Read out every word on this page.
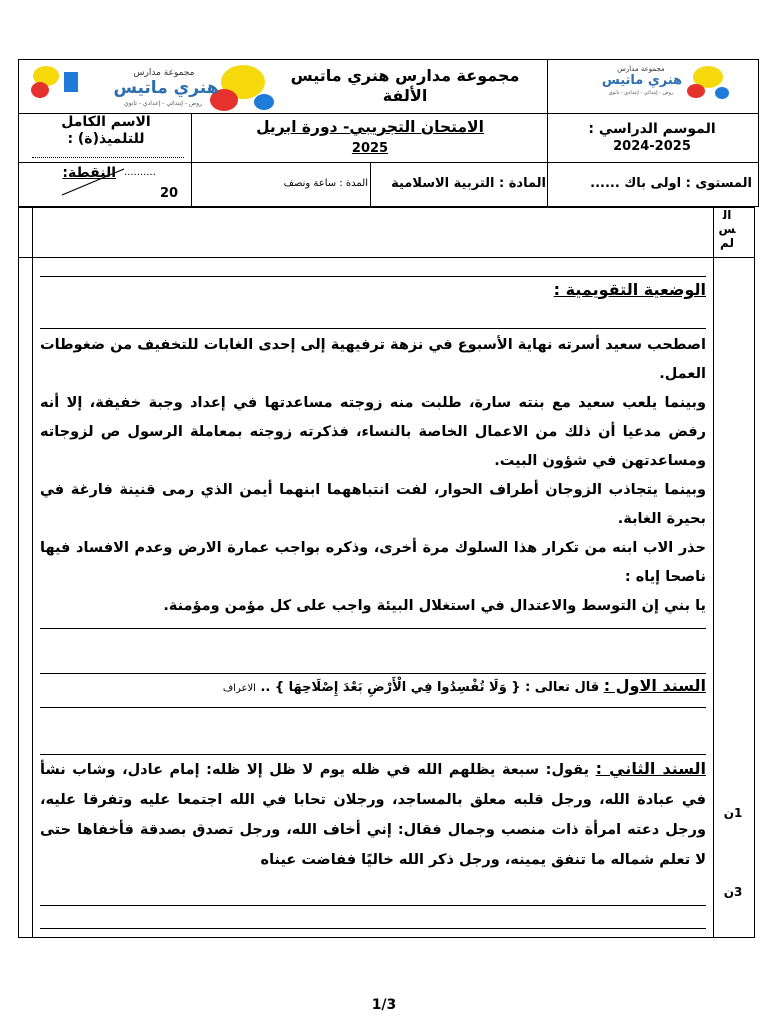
مجموعة مدارس
هنري ماتيس
روض - إبتدائي - إعدادي - ثانوي
مجموعة مدارس هنري ماتيس الألفة
مجموعة مدارس
هنري ماتيس
روض - إبتدائي - إعدادي - ثانوي
الاسم الكامل للتلميذ(ة) :
الامتحان التجريبي- دورة ابريل
2025
الموسم الدراسي :
2024-2025
النقطة: ..........
20
المدة : ساعة ونصف	المادة : التربية الاسلامية	المستوى : اولى باك ......
الس لم
الوضعية التقويمية :

اصطحب سعيد أسرته نهاية الأسبوع في نزهة ترفيهية إلى إحدى الغابات للتخفيف من ضغوطات العمل.

وبينما يلعب سعيد مع بنته سارة، طلبت منه زوجته مساعدتها في إعداد وجبة خفيفة، إلا أنه رفض مدعيا أن ذلك من الاعمال الخاصة بالنساء، فذكرته زوجته بمعاملة الرسول ص لزوجاته ومساعدتهن في شؤون البيت.

وبينما يتجاذب الزوجان أطراف الحوار، لفت انتباههما ابنهما أيمن الذي رمى قنينة فارغة في بحيرة الغابة.

حذر الاب ابنه من تكرار هذا السلوك مرة أخرى، وذكره بواجب عمارة الارض وعدم الافساد فيها ناصحا إياه :

يا بني إن التوسط والاعتدال في استغلال البيئة واجب على كل مؤمن ومؤمنة.

السند الاول : قال تعالى : { وَلَا تُفْسِدُوا فِي الْأَرْضِ بَعْدَ إِصْلَاحِهَا } .. الاعراف
السند الثاني : يقول: سبعة يظلهم الله في ظله يوم لا ظل إلا ظله: إمام عادل، وشاب نشأ في عبادة الله، ورجل قلبه معلق بالمساجد، ورجلان تحابا في الله اجتمعا عليه وتفرقا عليه، ورجل دعته امرأة ذات منصب وجمال فقال: إني أخاف الله، ورجل تصدق بصدقة فأخفاها حتى لا تعلم شماله ما تنفق يمينه، ورجل ذكر الله خاليًا ففاضت عيناه
1ن
3ن
1/3
